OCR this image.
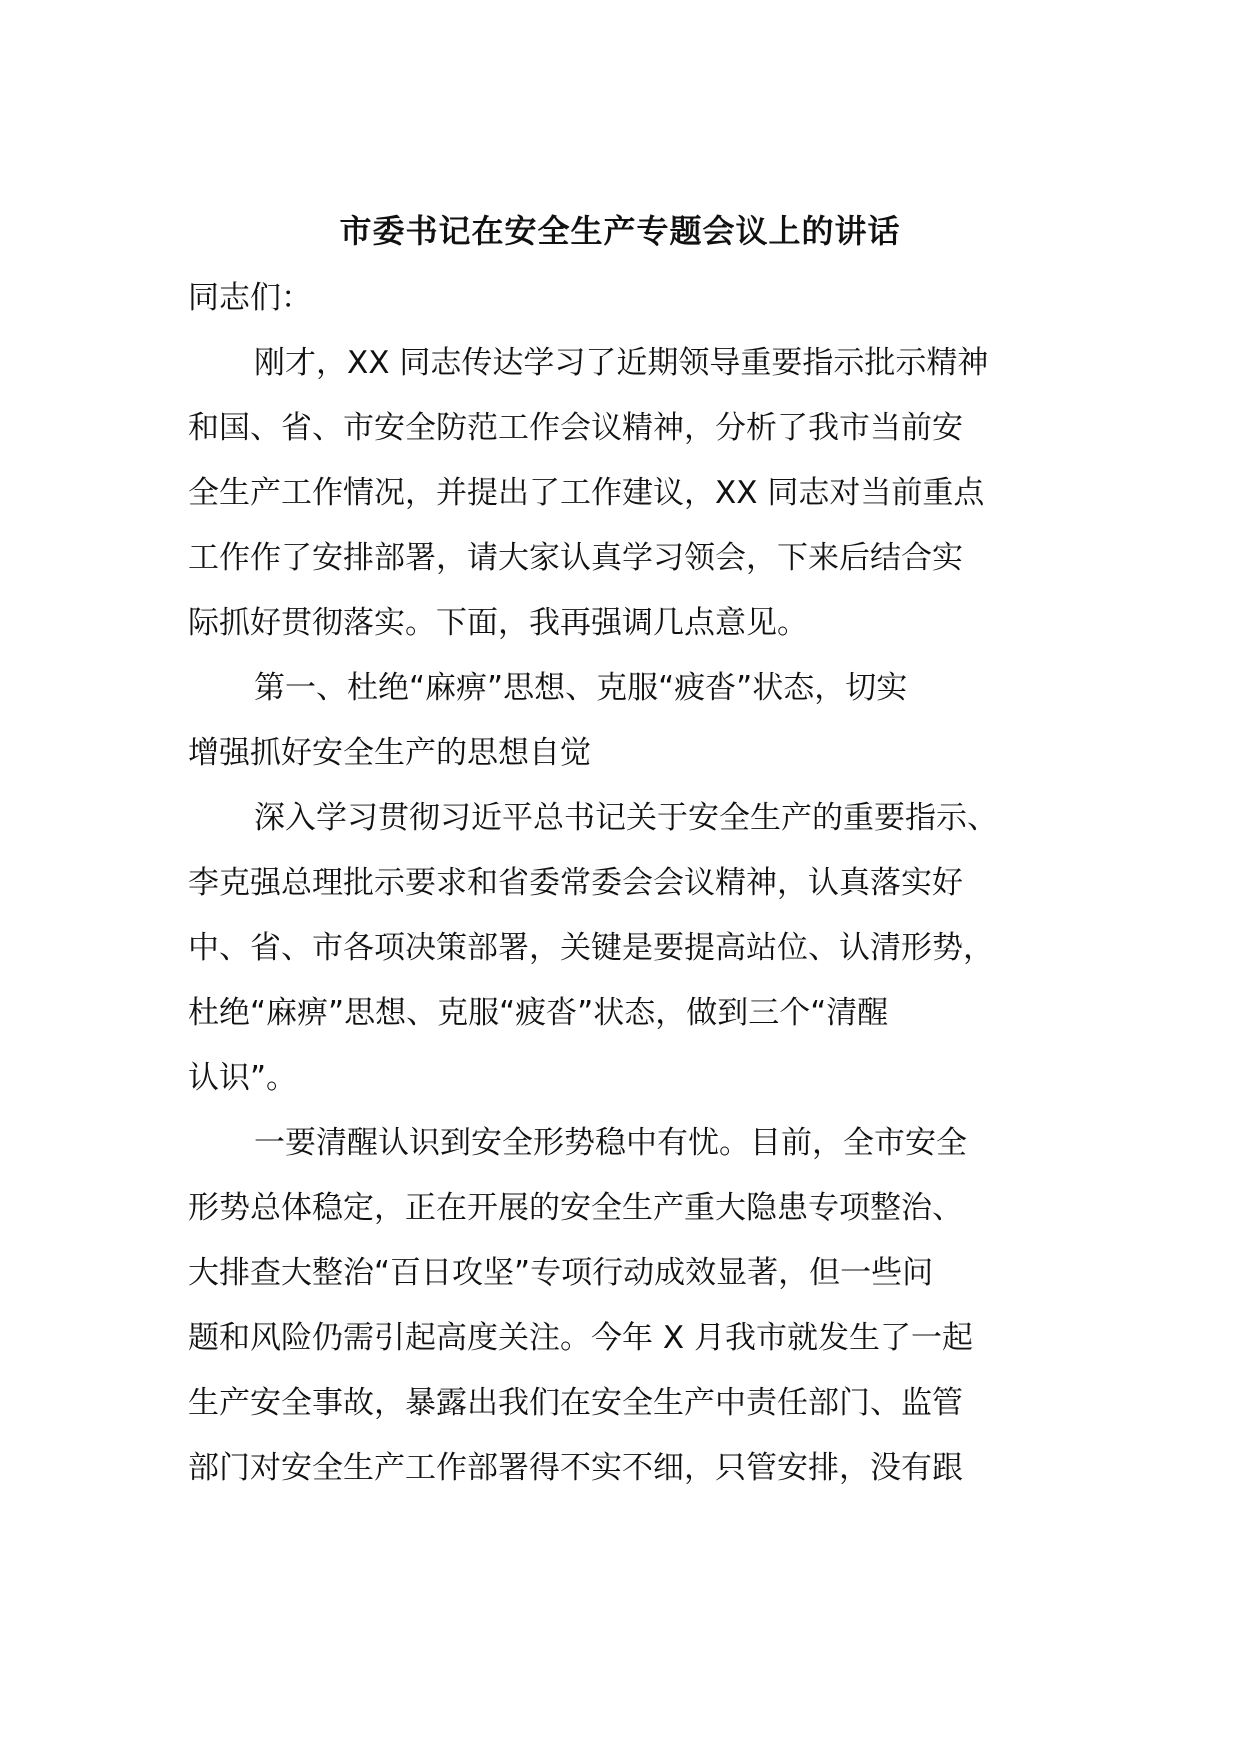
市委书记在安全生产专题会议上的讲话
同志们：
刚才，XX 同志传达学习了近期领导重要指示批示精神
和国、省、市安全防范工作会议精神，分析了我市当前安
全生产工作情况，并提出了工作建议，XX 同志对当前重点
工作作了安排部署，请大家认真学习领会，下来后结合实
际抓好贯彻落实。下面，我再强调几点意见。
第一、杜绝“麻痹”思想、克服“疲沓”状态，切实
增强抓好安全生产的思想自觉
深入学习贯彻习近平总书记关于安全生产的重要指示、
李克强总理批示要求和省委常委会会议精神，认真落实好
中、省、市各项决策部署，关键是要提高站位、认清形势，
杜绝“麻痹”思想、克服“疲沓”状态，做到三个“清醒
认识”。
一要清醒认识到安全形势稳中有忧。目前，全市安全
形势总体稳定，正在开展的安全生产重大隐患专项整治、
大排查大整治“百日攻坚”专项行动成效显著，但一些问
题和风险仍需引起高度关注。今年 X 月我市就发生了一起
生产安全事故，暴露出我们在安全生产中责任部门、监管
部门对安全生产工作部署得不实不细，只管安排，没有跟
